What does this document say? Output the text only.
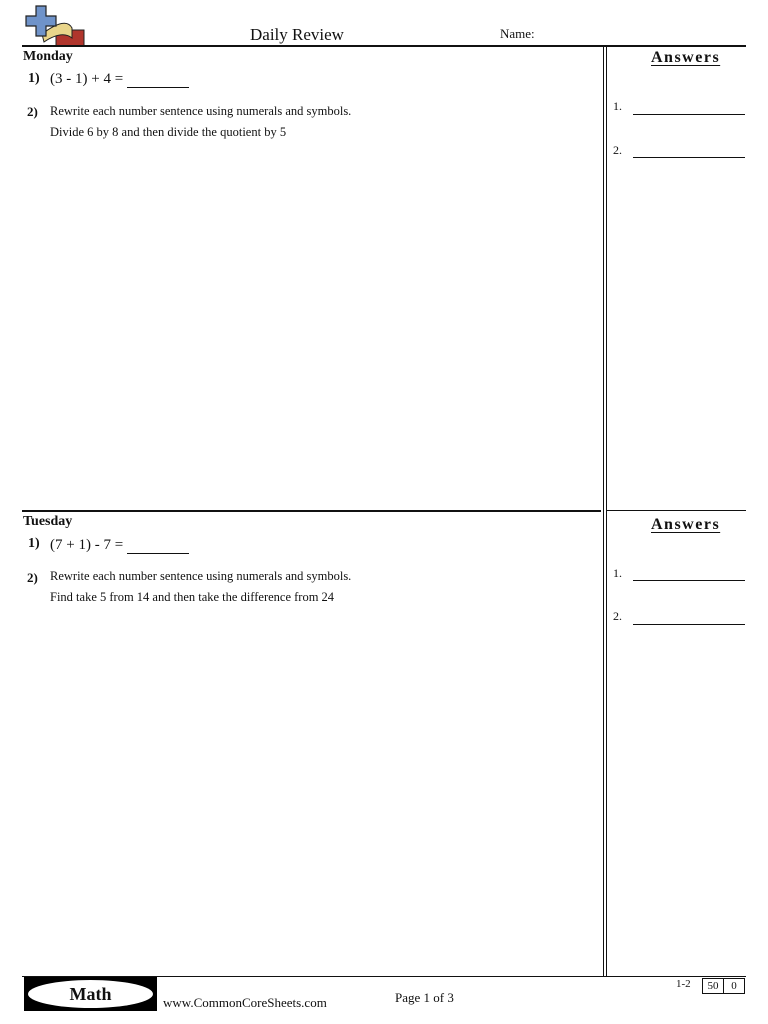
Daily Review	Name:
Monday
1) (3 - 1) + 4 =
2) Rewrite each number sentence using numerals and symbols.
Divide 6 by 8 and then divide the quotient by 5
Answers
1.
2.
Tuesday
1) (7 + 1) - 7 =
2) Rewrite each number sentence using numerals and symbols.
Find take 5 from 14 and then take the difference from 24
Answers
1.
2.
Math	www.CommonCoreSheets.com	Page 1 of 3
1-2	50	0
